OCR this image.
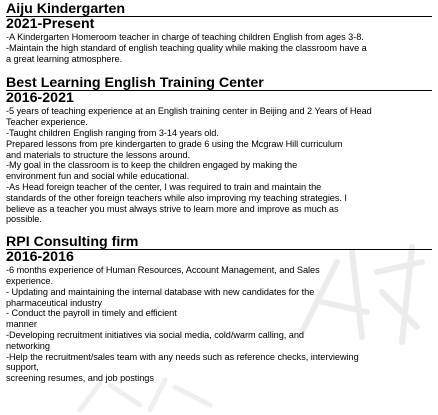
Aiju Kindergarten
2021-Present
-A Kindergarten Homeroom teacher in charge of teaching children English from ages 3-8.
-Maintain the high standard of english teaching quality while making the classroom have a
a great learning atmosphere.
Best Learning English Training Center
2016-2021
-5 years of teaching experience at an English training center in Beijing and 2 Years of Head
Teacher experience.
-Taught children English ranging from 3-14 years old.
Prepared lessons from pre kindergarten to grade 6 using the Mcgraw Hill curriculum
and materials to structure the lessons around.
-My goal in the classroom is to keep the children engaged by making the
environment fun and social while educational.
-As Head foreign teacher of the center, I was required to train and maintain the
standards of the other foreign teachers while also improving my teaching strategies. I
believe as a teacher you must always strive to learn more and improve as much as
possible.
RPI Consulting firm
2016-2016
-6 months experience of Human Resources, Account Management, and Sales
experience.
- Updating and maintaining the internal database with new candidates for the
pharmaceutical industry
- Conduct the payroll in timely and efficient
manner
-Developing recruitment initiatives via social media, cold/warm calling, and
networking
-Help the recruitment/sales team with any needs such as reference checks, interviewing
support,
screening resumes, and job postings
